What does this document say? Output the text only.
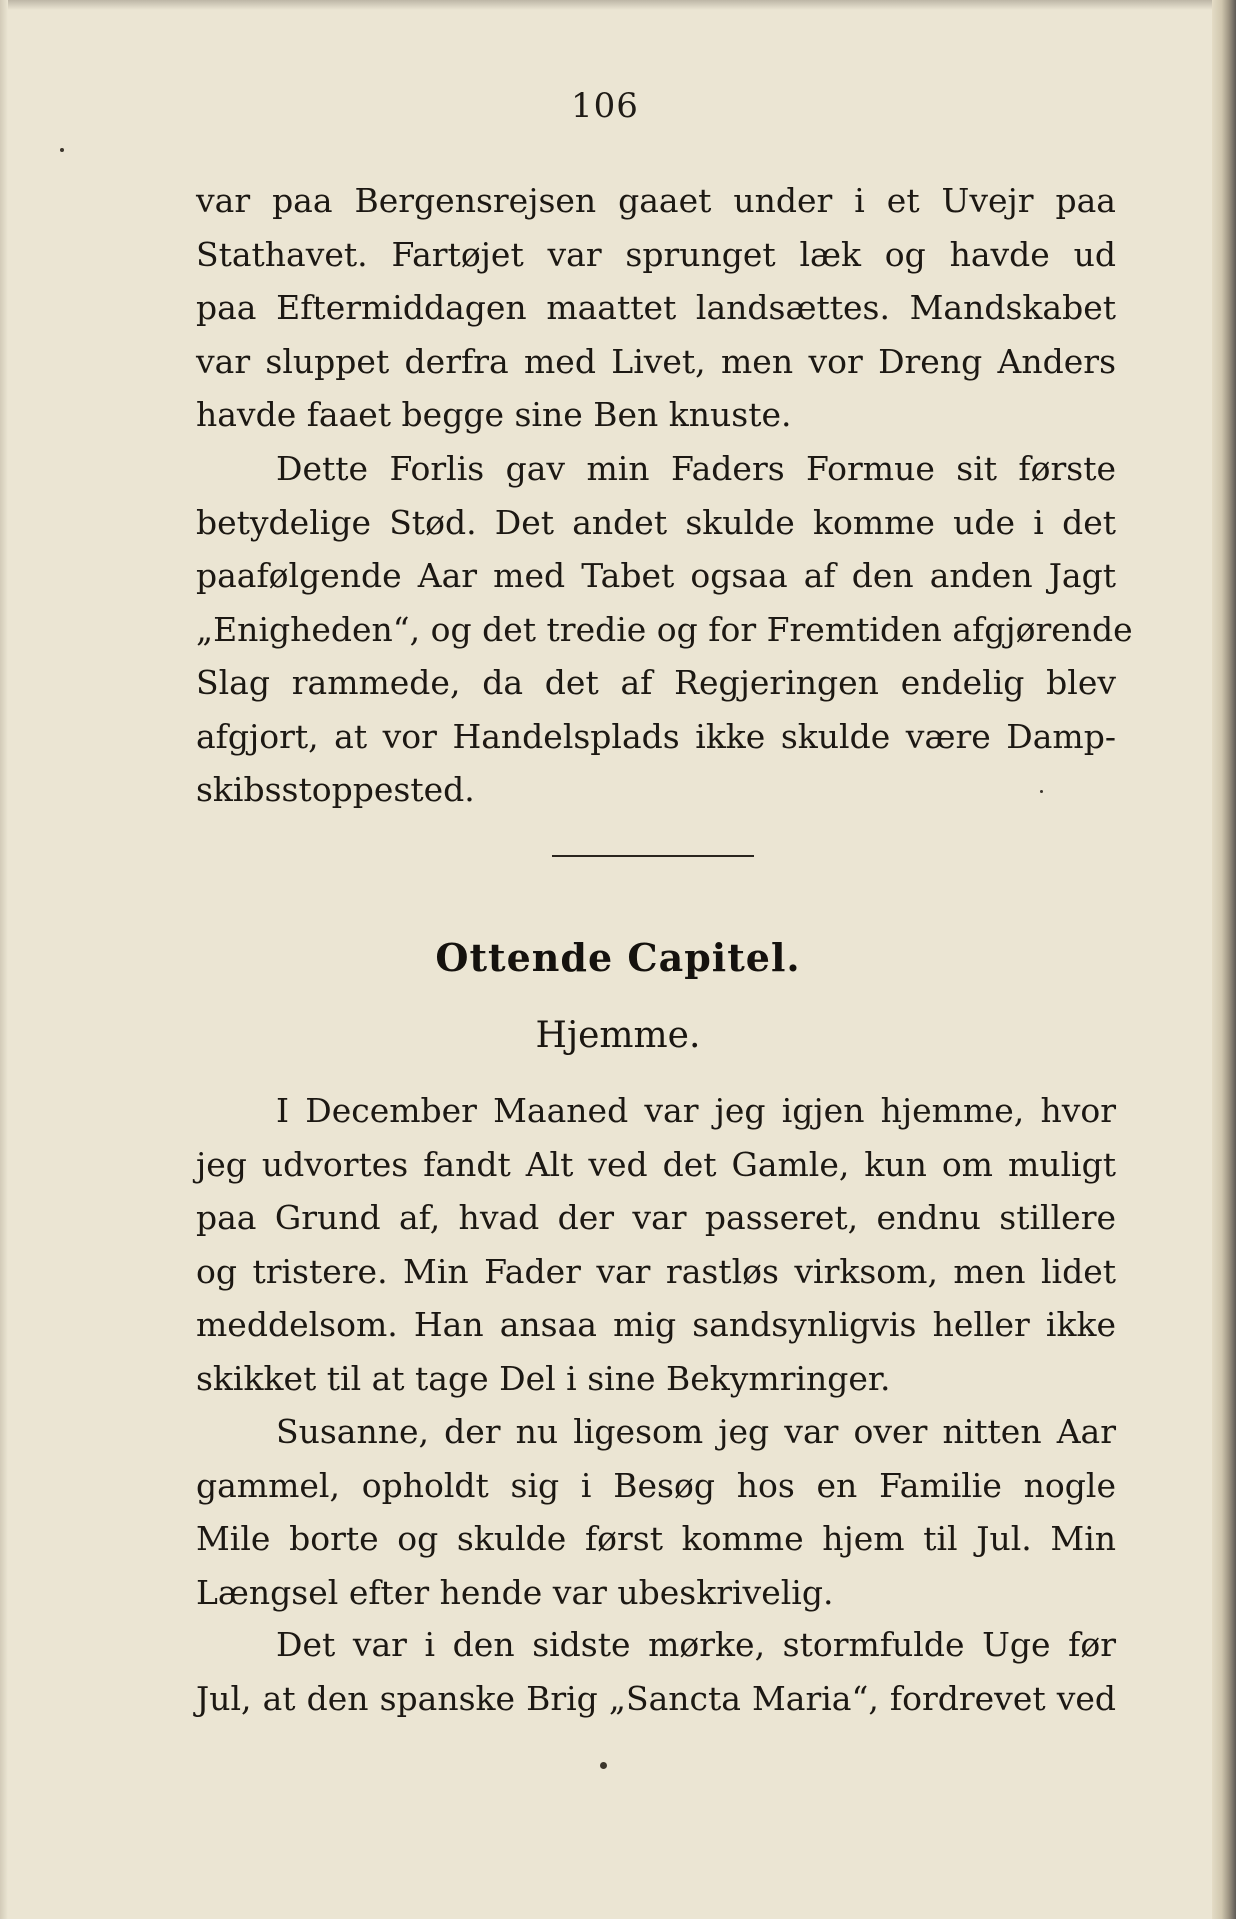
106
var paa Bergensrejsen gaaet under i et Uvejr paa
Stathavet. Fartøjet var sprunget læk og havde ud
paa Eftermiddagen maattet landsættes. Mandskabet
var sluppet derfra med Livet, men vor Dreng Anders
havde faaet begge sine Ben knuste.
Dette Forlis gav min Faders Formue sit første
betydelige Stød. Det andet skulde komme ude i det
paafølgende Aar med Tabet ogsaa af den anden Jagt
„Enigheden“, og det tredie og for Fremtiden afgjørende
Slag rammede, da det af Regjeringen endelig blev
afgjort, at vor Handelsplads ikke skulde være Damp-
skibsstoppested.
Ottende Capitel.
Hjemme.
I December Maaned var jeg igjen hjemme, hvor
jeg udvortes fandt Alt ved det Gamle, kun om muligt
paa Grund af, hvad der var passeret, endnu stillere
og tristere. Min Fader var rastløs virksom, men lidet
meddelsom. Han ansaa mig sandsynligvis heller ikke
skikket til at tage Del i sine Bekymringer.
Susanne, der nu ligesom jeg var over nitten Aar
gammel, opholdt sig i Besøg hos en Familie nogle
Mile borte og skulde først komme hjem til Jul. Min
Længsel efter hende var ubeskrivelig.
Det var i den sidste mørke, stormfulde Uge før
Jul, at den spanske Brig „Sancta Maria“, fordrevet ved
